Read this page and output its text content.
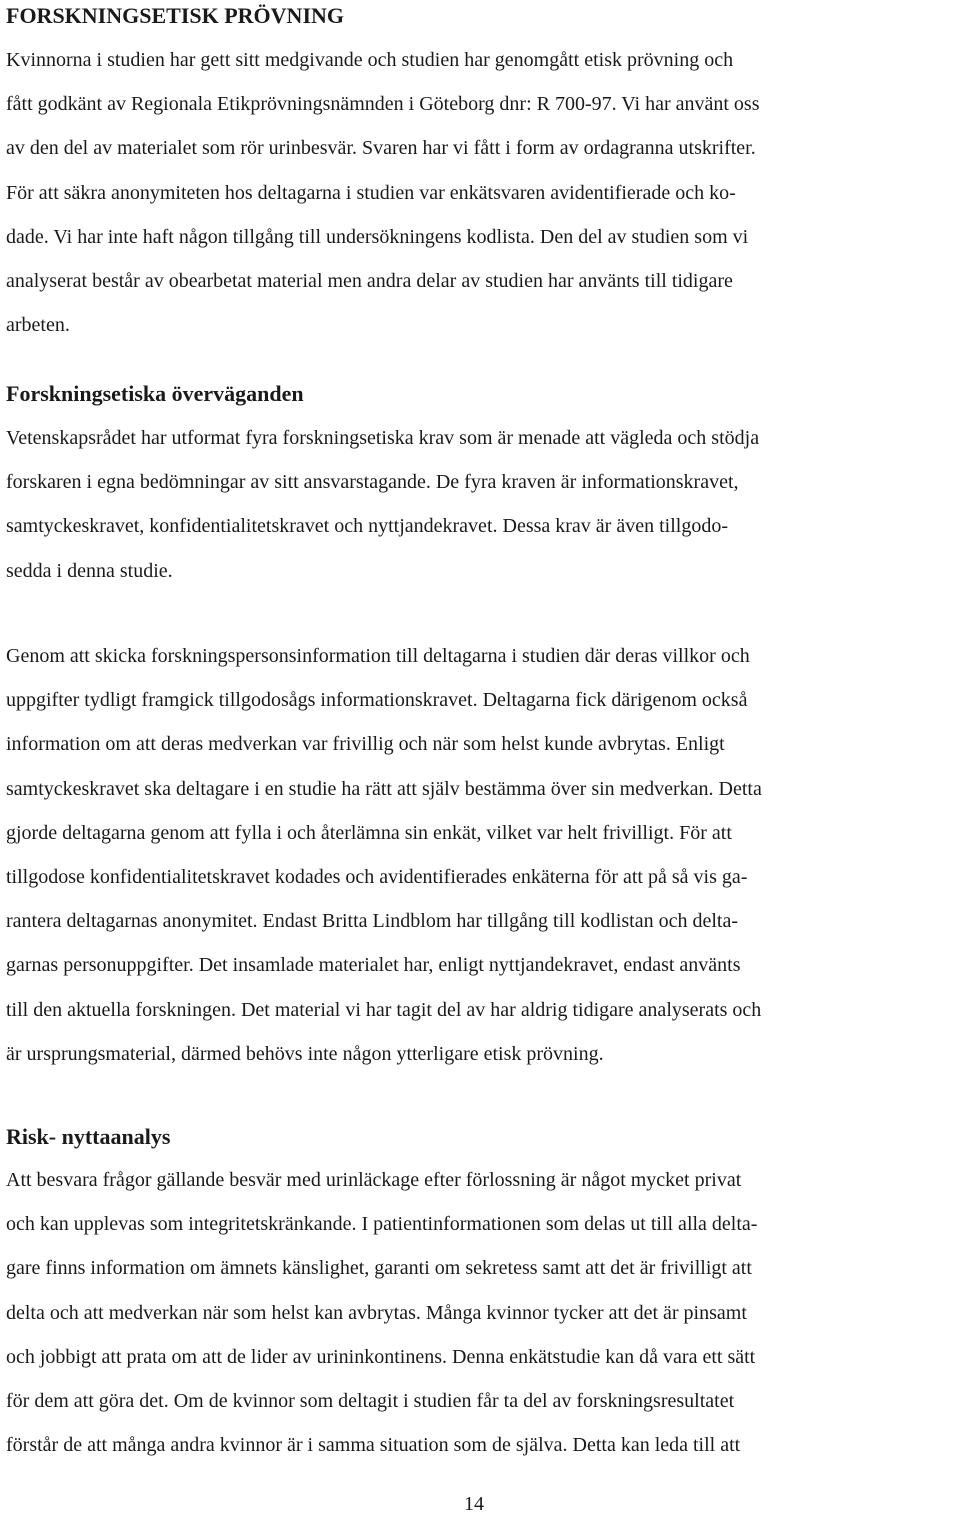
FORSKNINGSETISK PRÖVNING
Kvinnorna i studien har gett sitt medgivande och studien har genomgått etisk prövning och
fått godkänt av Regionala Etikprövningsnämnden i Göteborg dnr: R 700-97. Vi har använt oss
av den del av materialet som rör urinbesvär. Svaren har vi fått i form av ordagranna utskrifter.
För att säkra anonymiteten hos deltagarna i studien var enkätsvaren avidentifierade och ko-
dade. Vi har inte haft någon tillgång till undersökningens kodlista. Den del av studien som vi
analyserat består av obearbetat material men andra delar av studien har använts till tidigare
arbeten.
Forskningsetiska överväganden
Vetenskapsrådet har utformat fyra forskningsetiska krav som är menade att vägleda och stödja
forskaren i egna bedömningar av sitt ansvarstagande. De fyra kraven är informationskravet,
samtyckeskravet, konfidentialitetskravet och nyttjandekravet. Dessa krav är även tillgodo-
sedda i denna studie.
Genom att skicka forskningspersonsinformation till deltagarna i studien där deras villkor och
uppgifter tydligt framgick tillgodosågs informationskravet. Deltagarna fick därigenom också
information om att deras medverkan var frivillig och när som helst kunde avbrytas. Enligt
samtyckeskravet ska deltagare i en studie ha rätt att själv bestämma över sin medverkan. Detta
gjorde deltagarna genom att fylla i och återlämna sin enkät, vilket var helt frivilligt. För att
tillgodose konfidentialitetskravet kodades och avidentifierades enkäterna för att på så vis ga-
rantera deltagarnas anonymitet. Endast Britta Lindblom har tillgång till kodlistan och delta-
garnas personuppgifter. Det insamlade materialet har, enligt nyttjandekravet, endast använts
till den aktuella forskningen. Det material vi har tagit del av har aldrig tidigare analyserats och
är ursprungsmaterial, därmed behövs inte någon ytterligare etisk prövning.
Risk- nyttaanalys
Att besvara frågor gällande besvär med urinläckage efter förlossning är något mycket privat
och kan upplevas som integritetskränkande. I patientinformationen som delas ut till alla delta-
gare finns information om ämnets känslighet, garanti om sekretess samt att det är frivilligt att
delta och att medverkan när som helst kan avbrytas. Många kvinnor tycker att det är pinsamt
och jobbigt att prata om att de lider av urininkontinens. Denna enkätstudie kan då vara ett sätt
för dem att göra det. Om de kvinnor som deltagit i studien får ta del av forskningsresultatet
förstår de att många andra kvinnor är i samma situation som de själva. Detta kan leda till att
14
